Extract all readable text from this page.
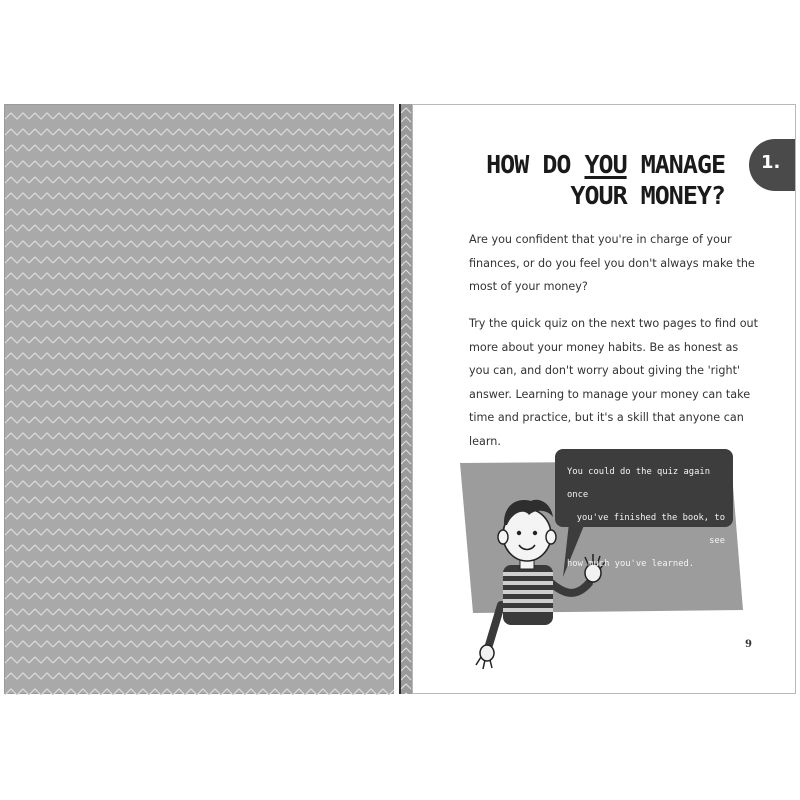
HOW DO YOU MANAGE
YOUR MONEY?
1.
Are you confident that you're in charge of your finances, or do you feel you don't always make the most of your money?
Try the quick quiz on the next two pages to find out more about your money habits. Be as honest as you can, and don't worry about giving the 'right' answer. Learning to manage your money can take time and practice, but it's a skill that anyone can learn.
You could do the quiz again once
you've finished the book, to see
how much you've learned.
9
